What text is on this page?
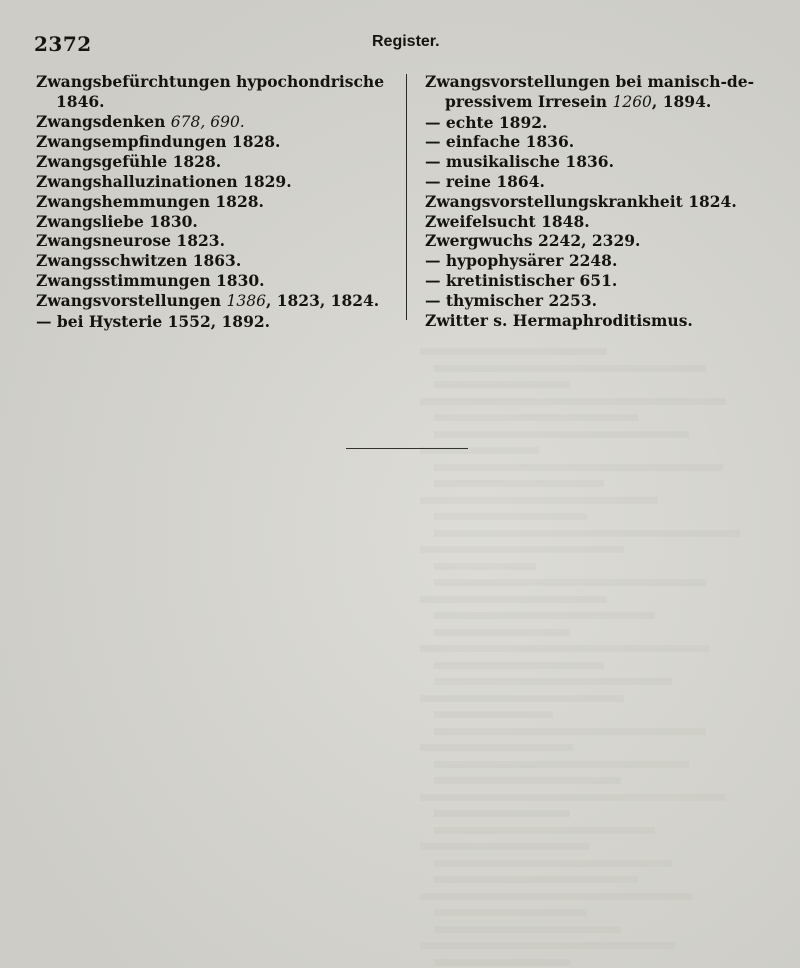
2372	Register.

Zwangsbefürchtungen hypochondrische
1846.

Zwangsdenken 678, 690.

Zwangsempfindungen 1828.

Zwangsgefühle 1828.

Zwangshalluzinationen 1829.

Zwangshemmungen 1828.

Zwangsliebe 1830.

Zwangsneurose 1823.

Zwangsschwitzen 1863.

Zwangsstimmungen 1830.

Zwangsvorstellungen 1386, 1823, 1824.

— bei Hysterie 1552, 1892.

Zwangsvorstellungen bei manisch-de-
pressivem Irresein 1260, 1894.

— echte 1892.

— einfache 1836.

— musikalische 1836.

— reine 1864.

Zwangsvorstellungskrankheit 1824.

Zweifelsucht 1848.

Zwergwuchs 2242, 2329.

— hypophysärer 2248.

— kretinistischer 651.

— thymischer 2253.

Zwitter s. Hermaphroditismus.
